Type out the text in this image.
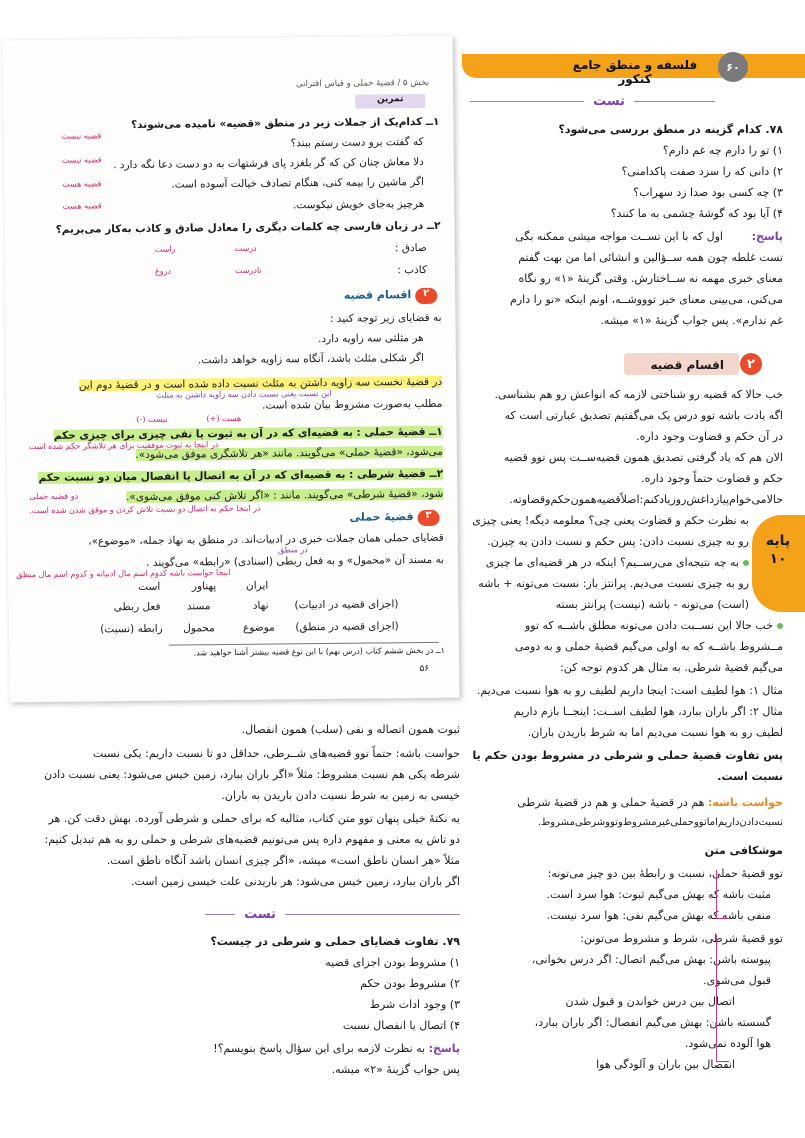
فلسفه و منطق جامع کنکور
۶۰
بخش ۵ / قضیهٔ حملی و قیاس اقترانی
تمرین
۱ــ کدام‌یک از جملات زیر در منطق «قضیه» نامیده می‌شوند؟
که گفتت برو دست رستم ببند؟
دلا معاش چنان کن که گر بلغزد پای فرشتهات به دو دست دعا نگه دارد .
اگر ماشین را بیمه کنی، هنگام تصادف خیالت آسوده است.
هرچیز به‌جای خویش نیکوست.
قضیه نیست
قضیه نیست
قضیه هست
قضیه هست
۲ــ در زبان فارسی چه کلمات دیگری را معادل صادق و کاذب به‌کار می‌بریم؟
صادق :
درست
راست
کاذب :
نادرست
دروغ
۲
اقسام قضیه
به قضایای زیر توجه کنید :
هر مثلثی سه زاویه دارد.
اگر شکلی مثلث باشد، آنگاه سه زاویه خواهد داشت.
در قضیهٔ نخست سه زاویه داشتن به مثلث نسبت داده شده است و در قضیهٔ دوم این
این نسبت یعنی نسبت دادن سه زاویه داشتن به مثلث
مطلب به‌صورت مشروط بیان شده است.
هست (+)
نیست (-)
۱ــ قضیهٔ حملی : به قضیه‌ای که در آن به ثبوت یا نفی چیزی برای چیزی حکم
می‌شود، «قضیهٔ حملی» می‌گویند. مانند «هر تلاشگری موفق می‌شود».
در اینجا به ثبوت موفقیت برای هر تلاشگر حکم شده است
۲ــ قضیهٔ شرطی : به قضیه‌ای که در آن به اتصال یا انفصال میان دو نسبت حکم
شود، «قضیهٔ شرطی» می‌گویند. مانند : «اگر تلاش کنی موفق می‌شوی».
دو قضیه حملی
در اینجا حکم به اتصال دو نسبت تلاش کردن و موفق شدن شده است.
۳
قضیهٔ حملی
قضایای حملی همان جملات خبری در ادبیات‌اند. در منطق به نهاد جمله، «موضوع»،
در منطق
به مسند آن «محمول» و به فعل ربطی (اسنادی) «رابطه» می‌گویند .
اینجا حواست باشه کدوم اسم مال ادبیاته و کدوم اسم مال منطق
ایران
پهناور
است
نهاد
مسند
فعل ربطی	(اجزای قضیه در ادبیات)
موضوع
محمول
رابطه (نسبت)	(اجزای قضیه در منطق)
۱ــ در بخش ششم کتاب (درس نهم) با این نوع قضیه بیشتر آشنا خواهید شد.
۵۶
تست
۷۸. کدام گزینه در منطق بررسی می‌شود؟
۱) تو را دارم چه غم دارم؟
۲) دانی که را سزد صفت پاکدامنی؟
۳) چه کسی بود صدا زد سهراب؟
۴) آیا بود که گوشهٔ چشمی به ما کنند؟
پاسخ:
اول که با این تســت مواجه میشی ممکنه بگی
تست غلطه چون همه ســؤالین و انشائی اما من بهت گفتم
معنای خبری مهمه نه ســاختارش. وقتی گزینهٔ «۱» رو نگاه
می‌کنی، می‌بینی معنای خبر توووشــه، اونم اینکه «تو را دارم
غم ندارم». پس جواب گزینهٔ «۱» میشه.
۲
اقسام قضیه
خب حالا که قضیه رو شناختی لازمه که انواعش رو هم بشناسی.
اگه یادت باشه توو درس یک می‌گفتیم تصدیق عبارتی است که
در آن حکم و قضاوت وجود داره.
الان هم که یاد گرفتی تصدیق همون قضیه‌ســت پس توو قضیه
حکم و قضاوت حتماً وجود داره.
حالامی‌خوام‌پیازداغش‌روزیادکنم:اصلاًقضیه‌همون‌حکم‌وقضاوته.
به نظرت حکم و قضاوت یعنی چی؟ معلومه دیگه! یعنی چیزی
رو به چیزی نسبت دادن: پس حکم و نسبت دادن یه چیزن.
به چه نتیجه‌ای می‌رســیم؟ اینکه در هر قضیه‌ای ما چیزی
رو به چیزی نسبت می‌دیم. پرانتز باز: نسبت می‌تونه + باشه
(است) می‌تونه - باشه (نیست) پرانتز بسته
خب حالا این نســبت دادن می‌تونه مطلق باشــه که توو
مــشروط باشــه که به اولی می‌گیم قضیهٔ حملی و به دومی
می‌گیم قضیهٔ شرطی. به مثال هر کدوم توجه کن:
مثال ۱: هوا لطیف است: اینجا داریم لطیف رو به هوا نسبت می‌دیم.
مثال ۲: اگر باران ببارد، هوا لطیف اســت: اینجــا بازم داریم
لطیف رو به هوا نسبت می‌دیم اما به شرط باریدن باران.
پس تفاوت قضیهٔ حملی و شرطی در مشروط بودن حکم یا
نسبت است.
حواست باشه: هم در قضیهٔ حملی و هم در قضیهٔ شرطی
نسبت‌دادن‌داریم‌اماتووحملی‌غیرمشروط‌وتووشرطی‌مشروط.
موشکافی متن
توو قضیهٔ حملی، نسبت و رابطهٔ بین دو چیز می‌تونه:
مثبت باشه که بهش می‌گیم ثبوت: هوا سرد است.
منفی باشه که بهش می‌گیم نفی: هوا سرد نیست.
توو قضیهٔ شرطی، شرط و مشروط می‌تونن:
پیوسته باشن: بهش می‌گیم اتصال: اگر درس بخوانی،
قبول می‌شوی.
اتصال بین درس خواندن و قبول شدن
گسسته باشن: بهش می‌گیم انفصال: اگر باران ببارد،
هوا آلوده نمی‌شود.
انفصال بین باران و آلودگی هوا
پایه ۱۰
ثبوت همون اتصاله و نفی (سلب) همون انفصال.
حواست باشه: حتماً توو قضیه‌های شــرطی، حداقل دو تا نسبت داریم: یکی نسبت
شرطه یکی هم نسبت مشروط: مثلاً «اگر باران ببارد، زمین خیس می‌شود: یعنی نسبت دادن
خیسی به زمین به شرط نسبت دادن باریدن به باران.
یه نکتهٔ خیلی پنهان توو متن کتاب، مثالیه که برای حملی و شرطی آورده. بهش دقت کن. هر
دو تاش یه معنی و مفهوم داره پس می‌تونیم قضیه‌های شرطی و حملی رو به هم تبدیل کنیم:
مثلاً «هر انسان ناطق است» میشه، «اگر چیزی انسان باشد آنگاه ناطق است.
اگر باران ببارد، زمین خیس می‌شود: هر باریدنی علت خیسی زمین است.
تست
۷۹. تفاوت قضایای حملی و شرطی در چیست؟
۱) مشروط بودن اجزای قضیه
۲) مشروط بودن حکم
۳) وجود ادات شرط
۴) اتصال یا انفصال نسبت
پاسخ: به نظرت لازمه برای این سؤال پاسخ بنویسم؟!
پس جواب گزینهٔ «۲» میشه.
